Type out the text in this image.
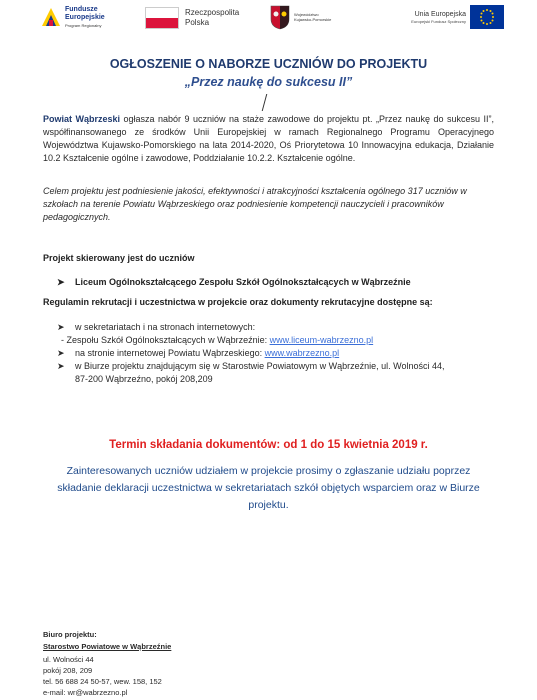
Fundusze
Europejskie
Program Regionalny
Rzeczpospolita
Polska
Województwo
Kujawsko-Pomorskie
Unia Europejska
Europejski Fundusz Społeczny
OGŁOSZENIE O NABORZE UCZNIÓW DO PROJEKTU
„Przez naukę do sukcesu II”
Powiat Wąbrzeski ogłasza nabór 9 uczniów na staże zawodowe do projektu pt. „Przez naukę do sukcesu II”, współfinansowanego ze środków Unii Europejskiej w ramach Regionalnego Programu Operacyjnego Województwa Kujawsko-Pomorskiego na lata 2014-2020, Oś Priorytetowa 10 Innowacyjna edukacja, Działanie 10.2 Kształcenie ogólne i zawodowe, Poddziałanie 10.2.2. Kształcenie ogólne.
Celem projektu jest podniesienie jakości, efektywności i atrakcyjności kształcenia ogólnego 317 uczniów w szkołach na terenie Powiatu Wąbrzeskiego oraz podniesienie kompetencji nauczycieli i pracowników pedagogicznych.
Projekt skierowany jest do uczniów
➤ Liceum Ogólnokształcącego Zespołu Szkół Ogólnokształcących w Wąbrzeźnie
Regulamin rekrutacji i uczestnictwa w projekcie oraz dokumenty rekrutacyjne dostępne są:
➤ w sekretariatach i na stronach internetowych:
- Zespołu Szkół Ogólnokształcących w Wąbrzeźnie: www.liceum-wabrzezno.pl
➤ na stronie internetowej Powiatu Wąbrzeskiego: www.wabrzezno.pl
➤ w Biurze projektu znajdującym się w Starostwie Powiatowym w Wąbrzeźnie, ul. Wolności 44,
87-200 Wąbrzeźno, pokój 208,209
Termin składania dokumentów: od 1 do 15 kwietnia 2019 r.
Zainteresowanych uczniów udziałem w projekcie prosimy o zgłaszanie udziału poprzez składanie deklaracji uczestnictwa w sekretariatach szkół objętych wsparciem oraz w Biurze projektu.
Biuro projektu:
Starostwo Powiatowe w Wąbrzeźnie
ul. Wolności 44
pokój 208, 209
tel. 56 688 24 50-57, wew. 158, 152
e-mail: wr@wabrzezno.pl
